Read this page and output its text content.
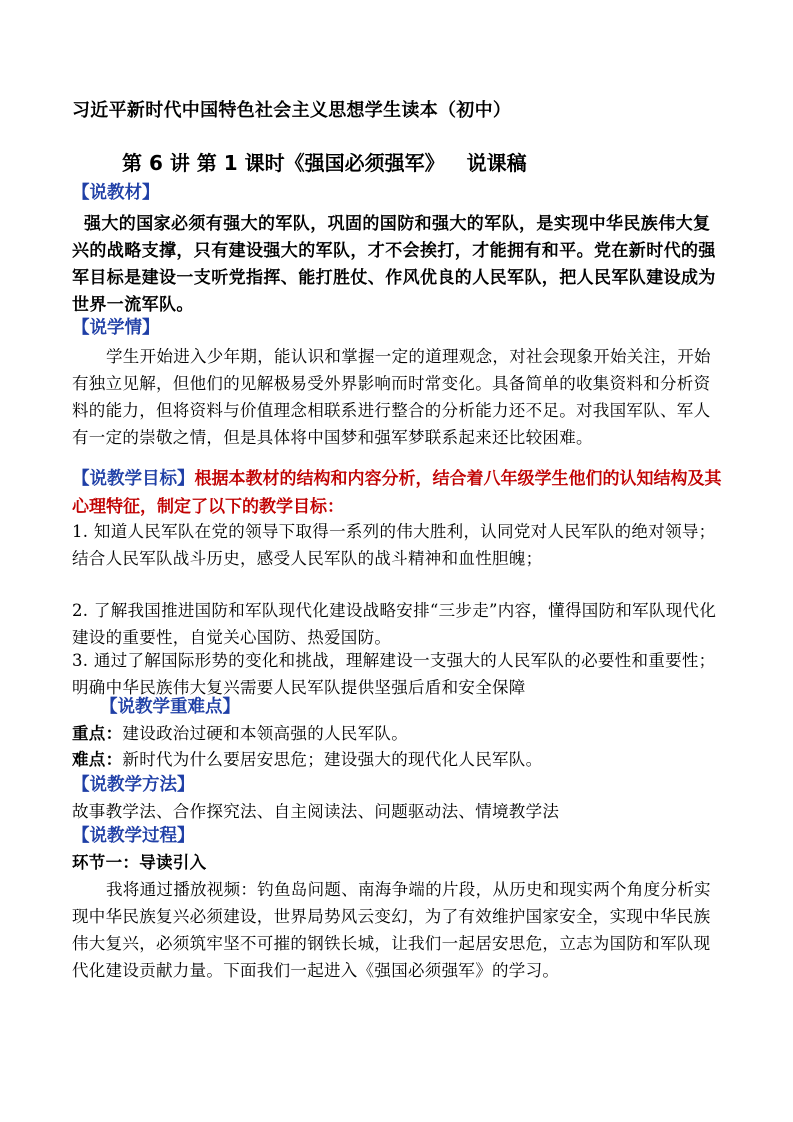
习近平新时代中国特色社会主义思想学生读本（初中）
第 6 讲 第 1 课时《强国必须强军》 说课稿
【说教材】
强大的国家必须有强大的军队，巩固的国防和强大的军队，是实现中华民族伟大复兴的战略支撑，只有建设强大的军队，才不会挨打，才能拥有和平。党在新时代的强军目标是建设一支听党指挥、能打胜仗、作风优良的人民军队，把人民军队建设成为世界一流军队。
【说学情】
学生开始进入少年期，能认识和掌握一定的道理观念，对社会现象开始关注，开始有独立见解，但他们的见解极易受外界影响而时常变化。具备简单的收集资料和分析资料的能力，但将资料与价值理念相联系进行整合的分析能力还不足。对我国军队、军人有一定的崇敬之情，但是具体将中国梦和强军梦联系起来还比较困难。
【说教学目标】根据本教材的结构和内容分析，结合着八年级学生他们的认知结构及其心理特征，制定了以下的教学目标：
1. 知道人民军队在党的领导下取得一系列的伟大胜利，认同党对人民军队的绝对领导；结合人民军队战斗历史，感受人民军队的战斗精神和血性胆魄；
2. 了解我国推进国防和军队现代化建设战略安排“三步走”内容，懂得国防和军队现代化建设的重要性，自觉关心国防、热爱国防。
3. 通过了解国际形势的变化和挑战，理解建设一支强大的人民军队的必要性和重要性；明确中华民族伟大复兴需要人民军队提供坚强后盾和安全保障
【说教学重难点】
重点：建设政治过硬和本领高强的人民军队。
难点：新时代为什么要居安思危；建设强大的现代化人民军队。
【说教学方法】
故事教学法、合作探究法、自主阅读法、问题驱动法、情境教学法
【说教学过程】
环节一：导读引入
我将通过播放视频：钓鱼岛问题、南海争端的片段，从历史和现实两个角度分析实现中华民族复兴必须建设，世界局势风云变幻，为了有效维护国家安全，实现中华民族伟大复兴，必须筑牢坚不可摧的钢铁长城，让我们一起居安思危，立志为国防和军队现代化建设贡献力量。下面我们一起进入《强国必须强军》的学习。
